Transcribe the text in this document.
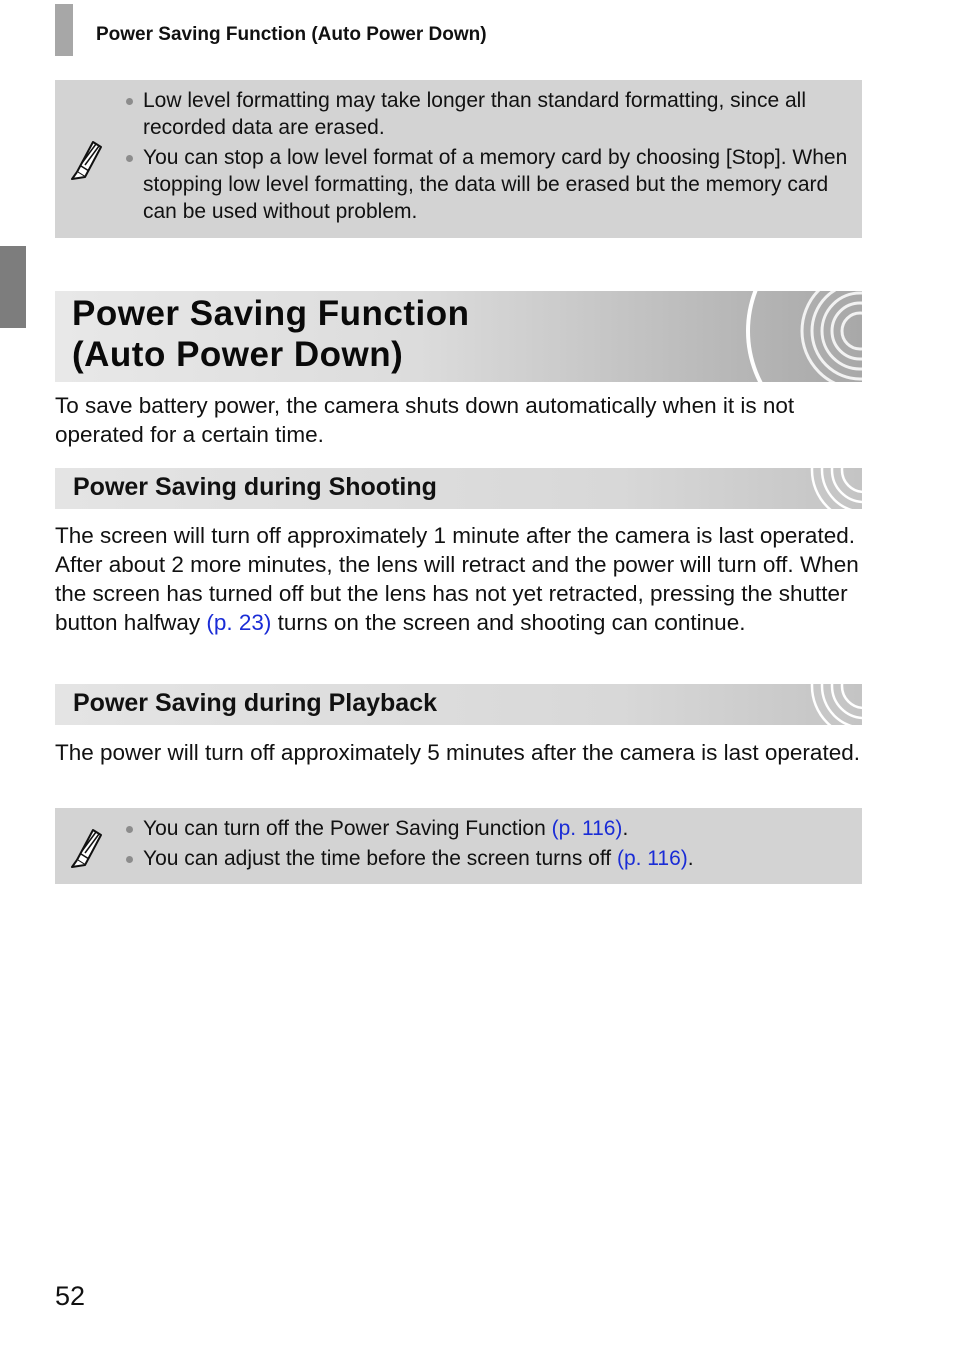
Power Saving Function (Auto Power Down)
Low level formatting may take longer than standard formatting, since all recorded data are erased.
You can stop a low level format of a memory card by choosing [Stop]. When stopping low level formatting, the data will be erased but the memory card can be used without problem.
Power Saving Function
(Auto Power Down)
To save battery power, the camera shuts down automatically when it is not operated for a certain time.
Power Saving during Shooting
The screen will turn off approximately 1 minute after the camera is last operated. After about 2 more minutes, the lens will retract and the power will turn off. When the screen has turned off but the lens has not yet retracted, pressing the shutter button halfway (p. 23) turns on the screen and shooting can continue.
Power Saving during Playback
The power will turn off approximately 5 minutes after the camera is last operated.
You can turn off the Power Saving Function (p. 116).
You can adjust the time before the screen turns off (p. 116).
52
